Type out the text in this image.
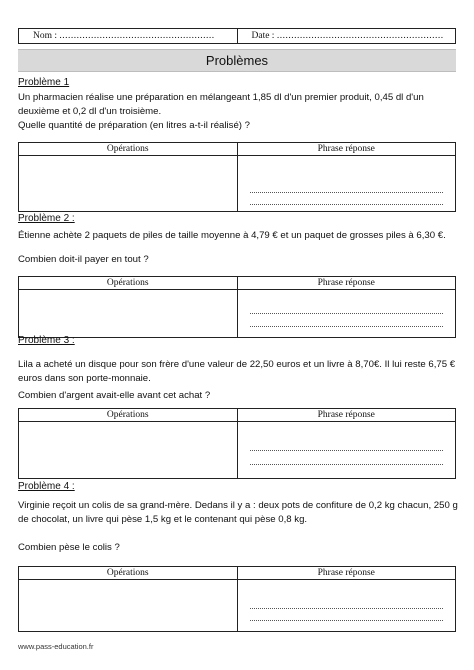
Nom : ......................................................	Date : ..........................................................
Problèmes
Problème 1
Un pharmacien réalise une préparation en mélangeant 1,85 dl d'un premier produit, 0,45 dl d'un deuxième et 0,2 dl d'un troisième.
Quelle quantité de préparation (en litres a-t-il réalisé) ?
Opérations	Phrase réponse
Problème 2 :
Étienne achète 2 paquets de piles de taille moyenne à 4,79 € et un paquet de grosses piles à 6,30 €.
Combien doit-il payer en tout ?
Opérations	Phrase réponse
Problème 3 :
Lila a acheté un disque pour son frère d'une valeur de 22,50 euros et un livre à 8,70€. Il lui reste 6,75 € euros dans son porte-monnaie.
Combien d'argent avait-elle avant cet achat ?
Opérations	Phrase réponse
Problème 4 :
Virginie reçoit un colis de sa grand-mère. Dedans il y a : deux pots de confiture de 0,2 kg chacun, 250 g de chocolat, un livre qui pèse 1,5 kg et le contenant qui pèse 0,8 kg.
Combien pèse le colis ?
Opérations	Phrase réponse
www.pass-education.fr
